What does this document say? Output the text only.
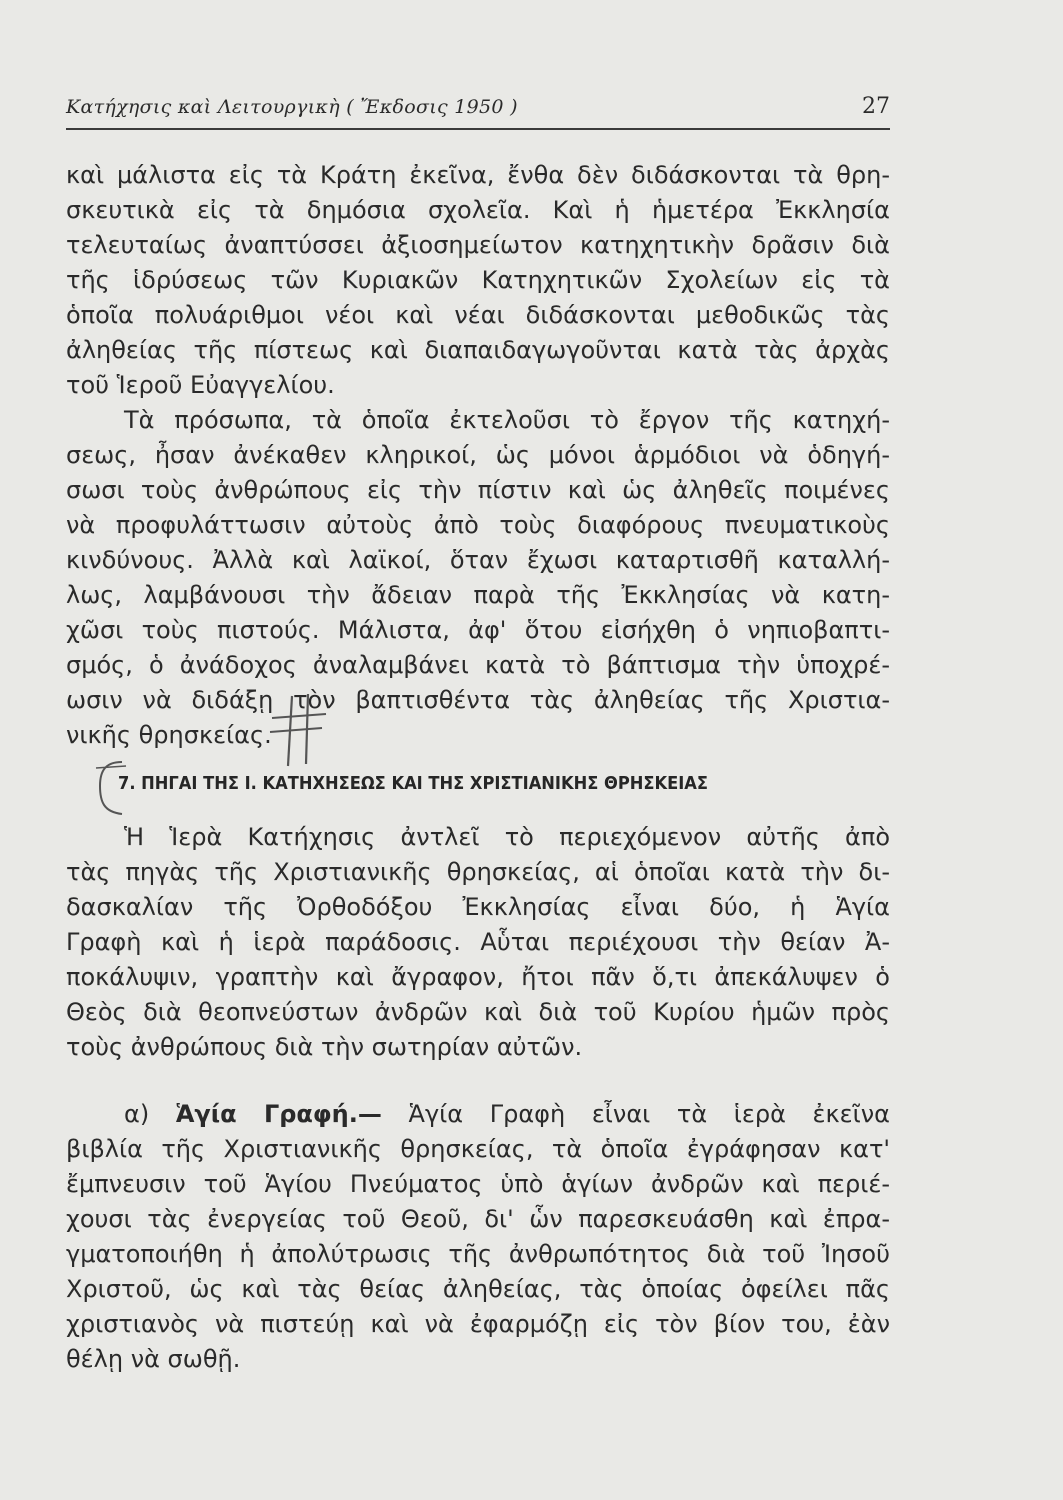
Κατήχησις καὶ Λειτουργικὴ ( Ἔκδοσις 1950 )	27
καὶ μάλιστα εἰς τὰ Κράτη ἐκεῖνα, ἔνθα δὲν διδάσκονται τὰ θρη-
σκευτικὰ εἰς τὰ δημόσια σχολεῖα. Καὶ ἡ ἡμετέρα Ἐκκλησία
τελευταίως ἀναπτύσσει ἀξιοσημείωτον κατηχητικὴν δρᾶσιν διὰ
τῆς ἱδρύσεως τῶν Κυριακῶν Κατηχητικῶν Σχολείων εἰς τὰ
ὁποῖα πολυάριθμοι νέοι καὶ νέαι διδάσκονται μεθοδικῶς τὰς
ἀληθείας τῆς πίστεως καὶ διαπαιδαγωγοῦνται κατὰ τὰς ἀρχὰς
τοῦ Ἱεροῦ Εὐαγγελίου.
Τὰ πρόσωπα, τὰ ὁποῖα ἐκτελοῦσι τὸ ἔργον τῆς κατηχή-
σεως, ἦσαν ἀνέκαθεν κληρικοί, ὡς μόνοι ἁρμόδιοι νὰ ὁδηγή-
σωσι τοὺς ἀνθρώπους εἰς τὴν πίστιν καὶ ὡς ἀληθεῖς ποιμένες
νὰ προφυλάττωσιν αὐτοὺς ἀπὸ τοὺς διαφόρους πνευματικοὺς
κινδύνους. Ἀλλὰ καὶ λαϊκοί, ὅταν ἔχωσι καταρτισθῆ καταλλή-
λως, λαμβάνουσι τὴν ἄδειαν παρὰ τῆς Ἐκκλησίας νὰ κατη-
χῶσι τοὺς πιστούς. Μάλιστα, ἀφ' ὅτου εἰσήχθη ὁ νηπιοβαπτι-
σμός, ὁ ἀνάδοχος ἀναλαμβάνει κατὰ τὸ βάπτισμα τὴν ὑποχρέ-
ωσιν νὰ διδάξῃ τὸν βαπτισθέντα τὰς ἀληθείας τῆς Χριστια-
νικῆς θρησκείας.
7. ΠΗΓΑΙ ΤΗΣ Ι. ΚΑΤΗΧΗΣΕΩΣ ΚΑΙ ΤΗΣ ΧΡΙΣΤΙΑΝΙΚΗΣ ΘΡΗΣΚΕΙΑΣ
Ἡ Ἱερὰ Κατήχησις ἀντλεῖ τὸ περιεχόμενον αὐτῆς ἀπὸ
τὰς πηγὰς τῆς Χριστιανικῆς θρησκείας, αἱ ὁποῖαι κατὰ τὴν δι-
δασκαλίαν τῆς Ὀρθοδόξου Ἐκκλησίας εἶναι δύο, ἡ Ἁγία
Γραφὴ καὶ ἡ ἱερὰ παράδοσις. Αὗται περιέχουσι τὴν θείαν Ἀ-
ποκάλυψιν, γραπτὴν καὶ ἄγραφον, ἤτοι πᾶν ὅ,τι ἀπεκάλυψεν ὁ
Θεὸς διὰ θεοπνεύστων ἀνδρῶν καὶ διὰ τοῦ Κυρίου ἡμῶν πρὸς
τοὺς ἀνθρώπους διὰ τὴν σωτηρίαν αὐτῶν.
α) Ἁγία Γραφή.— Ἁγία Γραφὴ εἶναι τὰ ἱερὰ ἐκεῖνα
βιβλία τῆς Χριστιανικῆς θρησκείας, τὰ ὁποῖα ἐγράφησαν κατ'
ἔμπνευσιν τοῦ Ἁγίου Πνεύματος ὑπὸ ἁγίων ἀνδρῶν καὶ περιέ-
χουσι τὰς ἐνεργείας τοῦ Θεοῦ, δι' ὧν παρεσκευάσθη καὶ ἐπρα-
γματοποιήθη ἡ ἀπολύτρωσις τῆς ἀνθρωπότητος διὰ τοῦ Ἰησοῦ
Χριστοῦ, ὡς καὶ τὰς θείας ἀληθείας, τὰς ὁποίας ὀφείλει πᾶς
χριστιανὸς νὰ πιστεύῃ καὶ νὰ ἐφαρμόζῃ εἰς τὸν βίον του, ἐὰν
θέλῃ νὰ σωθῇ.
